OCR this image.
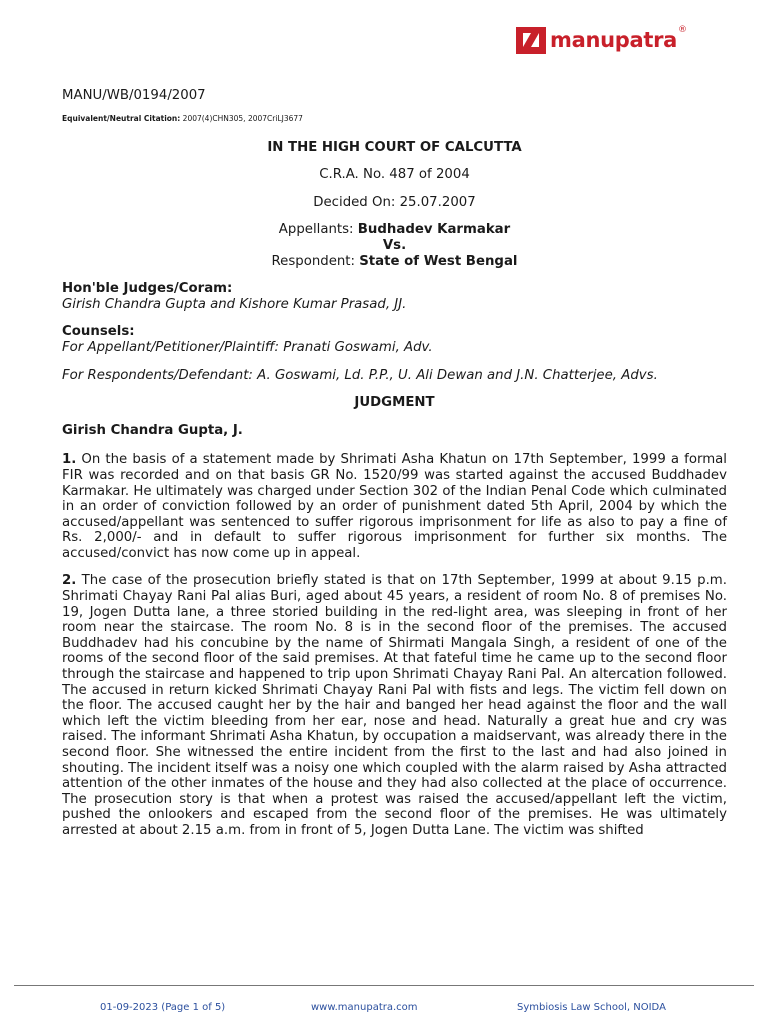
manupatra ®

MANU/WB/0194/2007

Equivalent/Neutral Citation: 2007(4)CHN305, 2007CriLJ3677

IN THE HIGH COURT OF CALCUTTA

C.R.A. No. 487 of 2004

Decided On: 25.07.2007

Appellants: Budhadev Karmakar
Vs.
Respondent: State of West Bengal

Hon'ble Judges/Coram:

Girish Chandra Gupta and Kishore Kumar Prasad, JJ.

Counsels:

For Appellant/Petitioner/Plaintiff: Pranati Goswami, Adv.

For Respondents/Defendant: A. Goswami, Ld. P.P., U. Ali Dewan and J.N. Chatterjee, Advs.

JUDGMENT

Girish Chandra Gupta, J.

1. On the basis of a statement made by Shrimati Asha Khatun on 17th September, 1999 a formal FIR was recorded and on that basis GR No. 1520/99 was started against the accused Buddhadev Karmakar. He ultimately was charged under Section 302 of the Indian Penal Code which culminated in an order of conviction followed by an order of punishment dated 5th April, 2004 by which the accused/appellant was sentenced to suffer rigorous imprisonment for life as also to pay a fine of Rs. 2,000/- and in default to suffer rigorous imprisonment for further six months. The accused/convict has now come up in appeal.

2. The case of the prosecution briefly stated is that on 17th September, 1999 at about 9.15 p.m. Shrimati Chayay Rani Pal alias Buri, aged about 45 years, a resident of room No. 8 of premises No. 19, Jogen Dutta lane, a three storied building in the red-light area, was sleeping in front of her room near the staircase. The room No. 8 is in the second floor of the premises. The accused Buddhadev had his concubine by the name of Shirmati Mangala Singh, a resident of one of the rooms of the second floor of the said premises. At that fateful time he came up to the second floor through the staircase and happened to trip upon Shrimati Chayay Rani Pal. An altercation followed. The accused in return kicked Shrimati Chayay Rani Pal with fists and legs. The victim fell down on the floor. The accused caught her by the hair and banged her head against the floor and the wall which left the victim bleeding from her ear, nose and head. Naturally a great hue and cry was raised. The informant Shrimati Asha Khatun, by occupation a maidservant, was already there in the second floor. She witnessed the entire incident from the first to the last and had also joined in shouting. The incident itself was a noisy one which coupled with the alarm raised by Asha attracted attention of the other inmates of the house and they had also collected at the place of occurrence. The prosecution story is that when a protest was raised the accused/appellant left the victim, pushed the onlookers and escaped from the second floor of the premises. He was ultimately arrested at about 2.15 a.m. from in front of 5, Jogen Dutta Lane. The victim was shifted

01-09-2023 (Page 1 of 5)	www.manupatra.com	Symbiosis Law School, NOIDA
